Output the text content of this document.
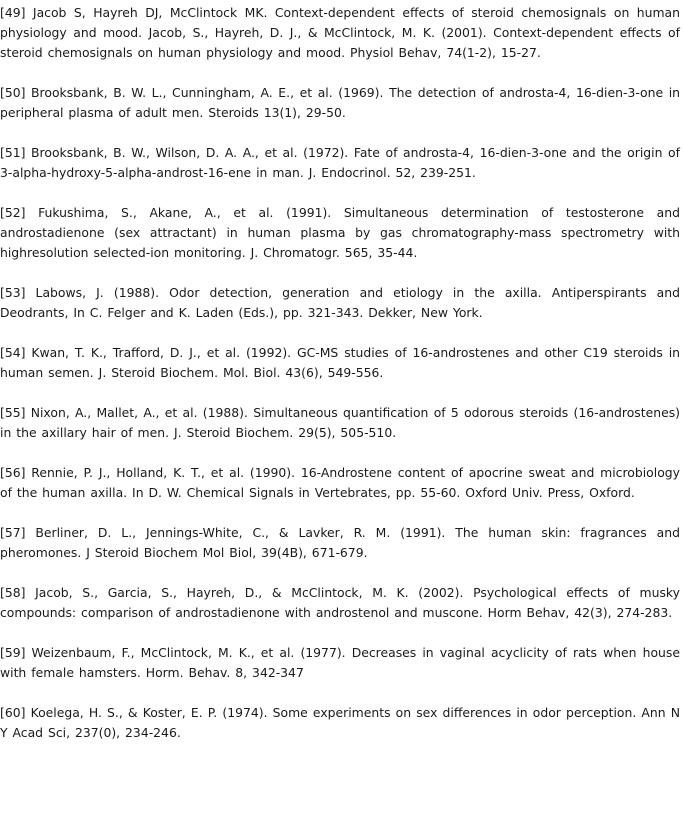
[49] Jacob S, Hayreh DJ, McClintock MK. Context-dependent effects of steroid chemosignals on human physiology and mood. Jacob, S., Hayreh, D. J., & McClintock, M. K. (2001). Context-dependent effects of steroid chemosignals on human physiology and mood. Physiol Behav, 74(1-2), 15-27.

[50] Brooksbank, B. W. L., Cunningham, A. E., et al. (1969). The detection of androsta-4, 16-dien-3-one in peripheral plasma of adult men. Steroids 13(1), 29-50.

[51] Brooksbank, B. W., Wilson, D. A. A., et al. (1972). Fate of androsta-4, 16-dien-3-one and the origin of 3-alpha-hydroxy-5-alpha-androst-16-ene in man. J. Endocrinol. 52, 239-251.

[52] Fukushima, S., Akane, A., et al. (1991). Simultaneous determination of testosterone and androstadienone (sex attractant) in human plasma by gas chromatography-mass spectrometry with highresolution selected-ion monitoring. J. Chromatogr. 565, 35-44.

[53] Labows, J. (1988). Odor detection, generation and etiology in the axilla. Antiperspirants and Deodrants, In C. Felger and K. Laden (Eds.), pp. 321-343. Dekker, New York.

[54] Kwan, T. K., Trafford, D. J., et al. (1992). GC-MS studies of 16-androstenes and other C19 steroids in human semen. J. Steroid Biochem. Mol. Biol. 43(6), 549-556.

[55] Nixon, A., Mallet, A., et al. (1988). Simultaneous quantification of 5 odorous steroids (16-androstenes) in the axillary hair of men. J. Steroid Biochem. 29(5), 505-510.

[56] Rennie, P. J., Holland, K. T., et al. (1990). 16-Androstene content of apocrine sweat and microbiology of the human axilla. In D. W. Chemical Signals in Vertebrates, pp. 55-60. Oxford Univ. Press, Oxford.

[57] Berliner, D. L., Jennings-White, C., & Lavker, R. M. (1991). The human skin: fragrances and pheromones. J Steroid Biochem Mol Biol, 39(4B), 671-679.

[58] Jacob, S., Garcia, S., Hayreh, D., & McClintock, M. K. (2002). Psychological effects of musky compounds: comparison of androstadienone with androstenol and muscone. Horm Behav, 42(3), 274-283.

[59] Weizenbaum, F., McClintock, M. K., et al. (1977). Decreases in vaginal acyclicity of rats when house with female hamsters. Horm. Behav. 8, 342-347

[60] Koelega, H. S., & Koster, E. P. (1974). Some experiments on sex differences in odor perception. Ann N Y Acad Sci, 237(0), 234-246.
